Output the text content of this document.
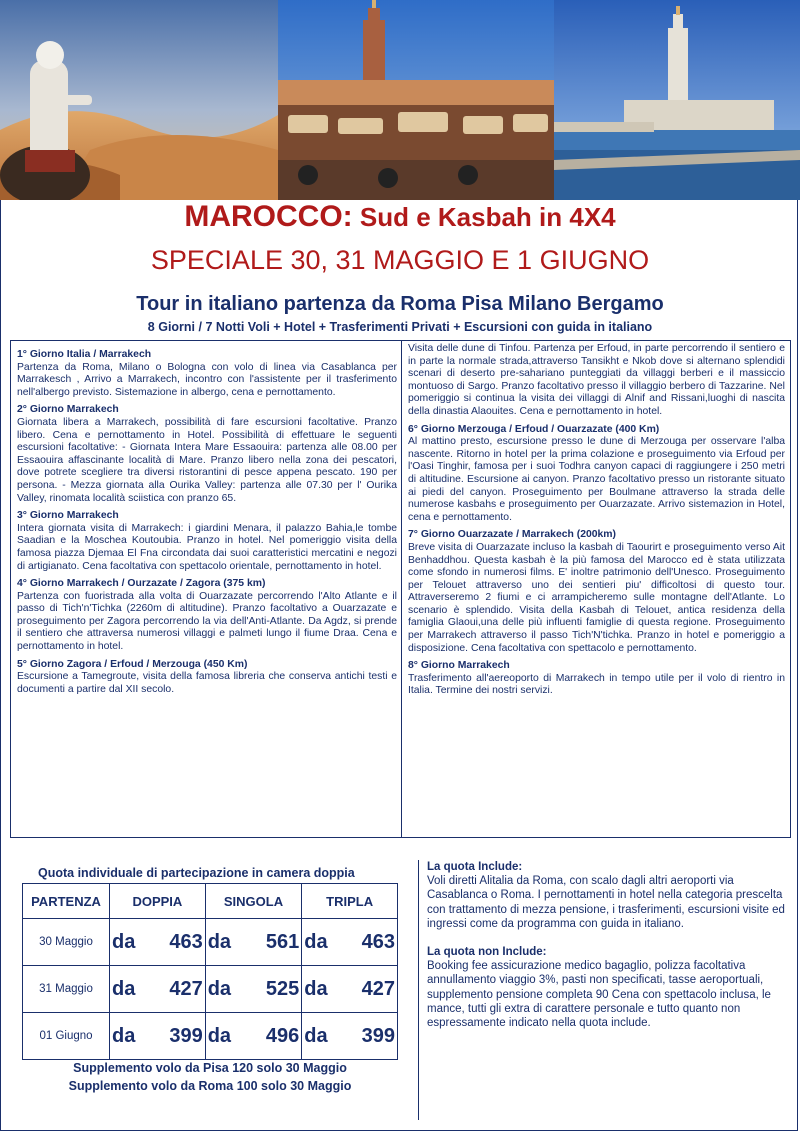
MAROCCO: Sud e Kasbah in 4X4
SPECIALE 30, 31 MAGGIO E 1 GIUGNO
Tour in italiano partenza da Roma Pisa Milano Bergamo
8 Giorni / 7 Notti Voli + Hotel + Trasferimenti Privati + Escursioni con guida in italiano
1° Giorno Italia / Marrakech

Partenza da Roma, Milano o Bologna con volo di linea via Casablanca per Marrakesch , Arrivo a Marrakech, incontro con l'assistente per il trasferimento nell'albergo previsto. Sistemazione in albergo, cena e pernottamento.

2° Giorno Marrakech

Giornata libera a Marrakech, possibilità di fare escursioni facoltative. Pranzo libero. Cena e pernottamento in Hotel. Possibilità di effettuare le seguenti escursioni facoltative: - Giornata Intera Mare Essaouira: partenza alle 08.00 per Essaouira affascinante località di Mare. Pranzo libero nella zona dei pescatori, dove potrete scegliere tra diversi ristorantini di pesce appena pescato. 190 per persona. - Mezza giornata alla Ourika Valley: partenza alle 07.30 per l' Ourika Valley, rinomata località sciistica con pranzo 65.

3° Giorno Marrakech

Intera giornata visita di Marrakech: i giardini Menara, il palazzo Bahia,le tombe Saadian e la Moschea Koutoubia. Pranzo in hotel. Nel pomeriggio visita della famosa piazza Djemaa El Fna circondata dai suoi caratteristici mercatini e negozi di artigianato. Cena facoltativa con spettacolo orientale, pernottamento in hotel.

4° Giorno Marrakech / Ourzazate / Zagora (375 km)

Partenza con fuoristrada alla volta di Ouarzazate percorrendo l'Alto Atlante e il passo di Tich'n'Tichka (2260m di altitudine). Pranzo facoltativo a Ouarzazate e proseguimento per Zagora percorrendo la via dell'Anti-Atlante. Da Agdz, si prende il sentiero che attraversa numerosi villaggi e palmeti lungo il fiume Draa. Cena e pernottamento in hotel.

5° Giorno Zagora / Erfoud / Merzouga (450 Km)

Escursione a Tamegroute, visita della famosa libreria che conserva antichi testi e documenti a partire dal XII secolo.

Visita delle dune di Tinfou. Partenza per Erfoud, in parte percorrendo il sentiero e in parte la normale strada,attraverso Tansikht e Nkob dove si alternano splendidi scenari di deserto pre-sahariano punteggiati da villaggi berberi e il massiccio montuoso di Sargo. Pranzo facoltativo presso il villaggio berbero di Tazzarine. Nel pomeriggio si continua la visita dei villaggi di Alnif and Rissani,luoghi di nascita della dinastia Alaouites. Cena e pernottamento in hotel.

6° Giorno Merzouga / Erfoud / Ouarzazate (400 Km)

Al mattino presto, escursione presso le dune di Merzouga per osservare l'alba nascente. Ritorno in hotel per la prima colazione e proseguimento via Erfoud per l'Oasi Tinghir, famosa per i suoi Todhra canyon capaci di raggiungere i 250 metri di altitudine. Escursione ai canyon. Pranzo facoltativo presso un ristorante situato ai piedi del canyon. Proseguimento per Boulmane attraverso la strada delle numerose kasbahs e proseguimento per Ouarzazate. Arrivo sistemazion in Hotel, cena e pernottamento.

7° Giorno Ouarzazate / Marrakech (200km)

Breve visita di Ouarzazate incluso la kasbah di Taourirt e proseguimento verso Ait Benhaddhou. Questa kasbah è la più famosa del Marocco ed è stata utilizzata come sfondo in numerosi films. E' inoltre patrimonio dell'Unesco. Proseguimento per Telouet attraverso uno dei sentieri piu' difficoltosi di questo tour. Attraverseremo 2 fiumi e ci arrampicheremo sulle montagne dell'Atlante. Lo scenario è splendido. Visita della Kasbah di Telouet, antica residenza della famiglia Glaoui,una delle più influenti famiglie di questa regione. Proseguimento per Marrakech attraverso il passo Tich'N'tichka. Pranzo in hotel e pomeriggio a disposizione. Cena facoltativa con spettacolo e pernottamento.

8° Giorno Marrakech

Trasferimento all'aereoporto di Marrakech in tempo utile per il volo di rientro in Italia. Termine dei nostri servizi.

Quota individuale di partecipazione in camera doppia
PARTENZA	DOPPIA	SINGOLA	TRIPLA
30 Maggio	da 463	da 561	da 463

31 Maggio	da 427	da 525	da 427

01 Giugno	da 399	da 496	da 399
Supplemento volo da Pisa 120 solo 30 Maggio
Supplemento volo da Roma 100 solo 30 Maggio
La quota Include:

Voli diretti Alitalia da Roma, con scalo dagli altri aeroporti via Casablanca o Roma. I pernottamenti in hotel nella categoria prescelta con trattamento di mezza pensione, i trasferimenti, escursioni visite ed ingressi come da programma con guida in italiano.

La quota non Include:

Booking fee assicurazione medico bagaglio, polizza facoltativa annullamento viaggio 3%, pasti non specificati, tasse aeroportuali, supplemento pensione completa 90 Cena con spettacolo inclusa, le mance, tutti gli extra di carattere personale e tutto quanto non espressamente indicato nella quota include.
